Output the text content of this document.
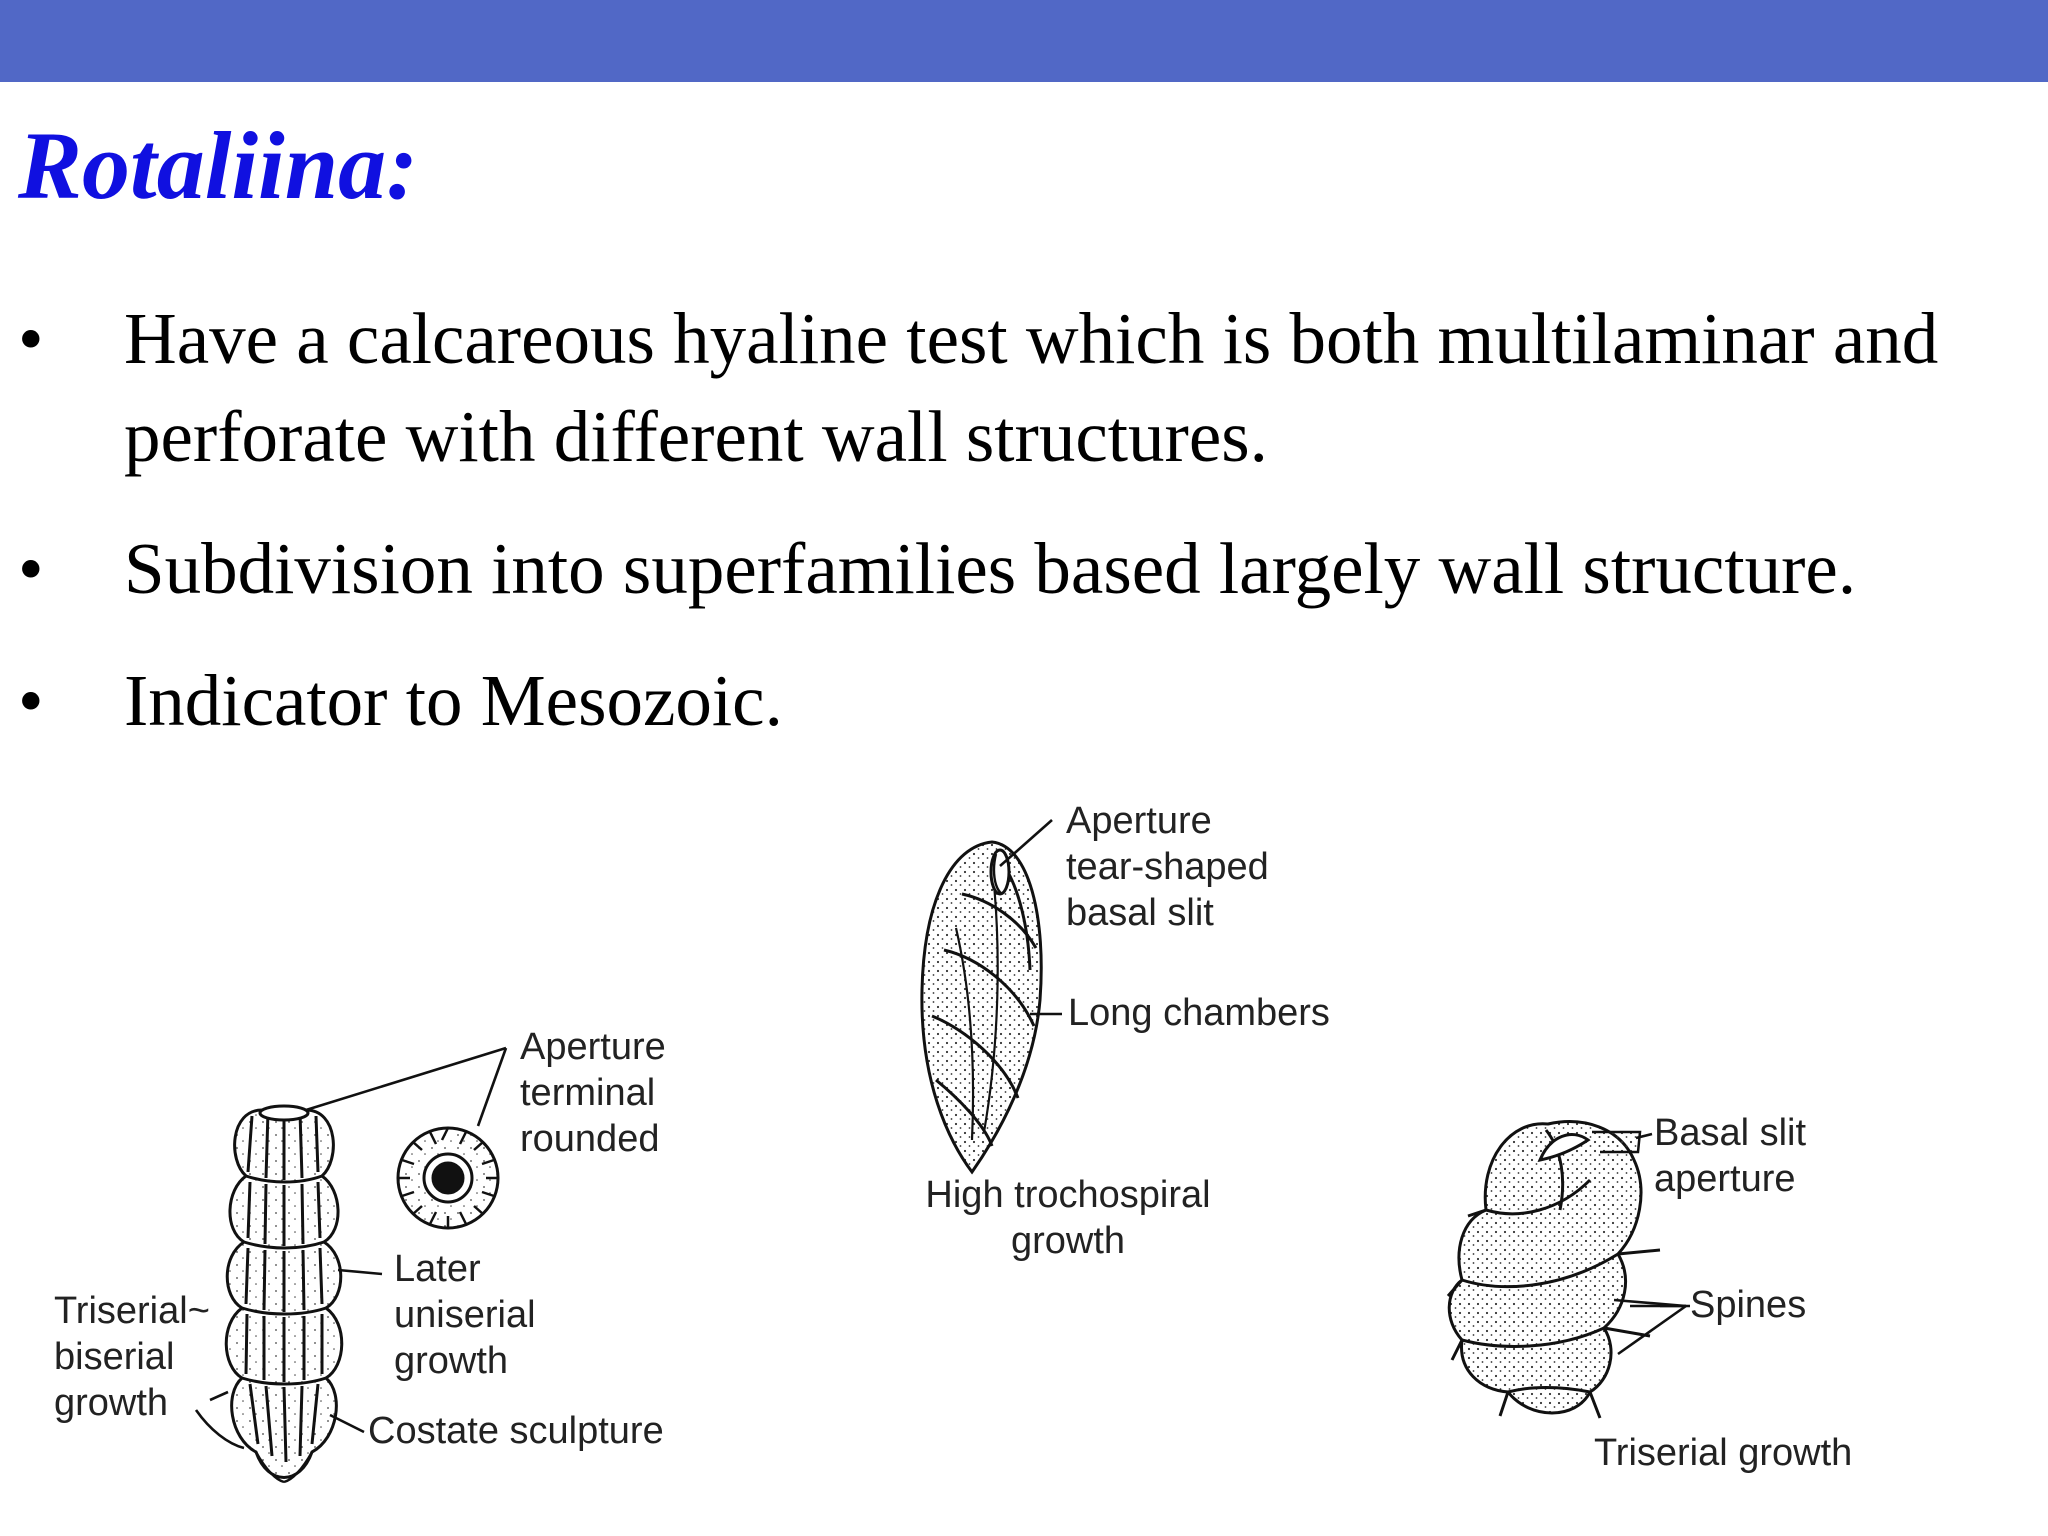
Rotaliina:
• Have a calcareous hyaline test which is both multilaminar and perforate with different wall structures.
• Subdivision into superfamilies based largely wall structure.
• Indicator to Mesozoic.
Aperture
terminal
rounded
Later
uniserial
growth
Triserial~
biserial
growth
Costate sculpture
Aperture
tear-shaped
basal slit
Long chambers
High trochospiral
growth
Basal slit
aperture
Spines
Triserial growth
